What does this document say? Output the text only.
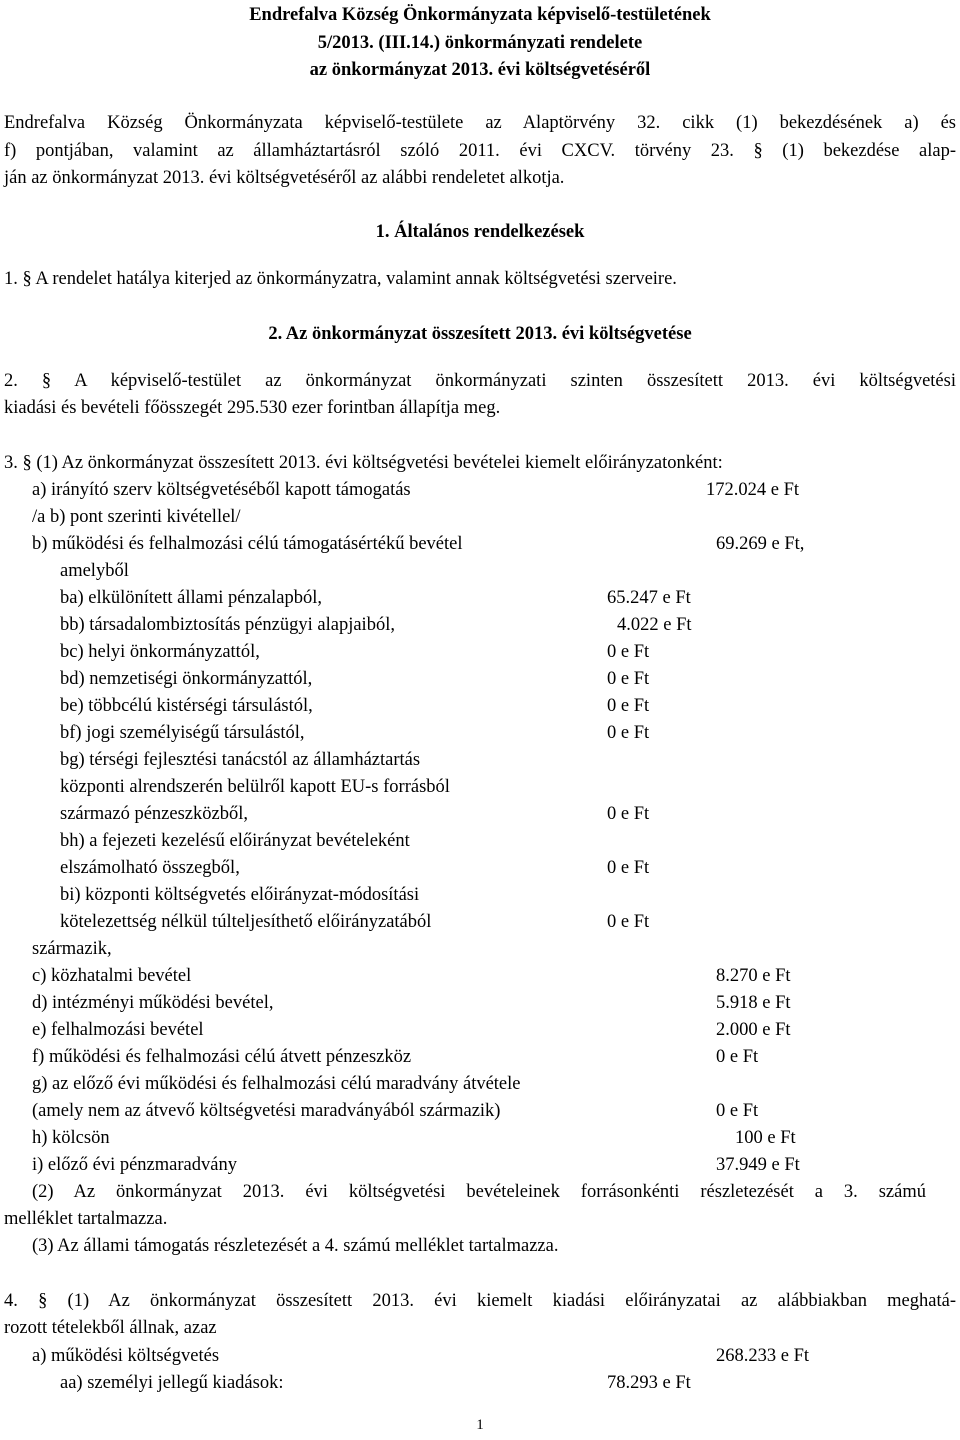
Endrefalva Község Önkormányzata képviselő-testületének
5/2013. (III.14.) önkormányzati rendelete
az önkormányzat 2013. évi költségvetéséről
Endrefalva Község Önkormányzata képviselő-testülete az Alaptörvény 32. cikk (1) bekezdésének a) és
f) pontjában, valamint az államháztartásról szóló 2011. évi CXCV. törvény 23. § (1) bekezdése alap-
ján az önkormányzat 2013. évi költségvetéséről az alábbi rendeletet alkotja.
1. Általános rendelkezések
1. § A rendelet hatálya kiterjed az önkormányzatra, valamint annak költségvetési szerveire.
2. Az önkormányzat összesített 2013. évi költségvetése
2. § A képviselő-testület az önkormányzat önkormányzati szinten összesített 2013. évi költségvetési
kiadási és bevételi főösszegét 295.530 ezer forintban állapítja meg.
3. § (1) Az önkormányzat összesített 2013. évi költségvetési bevételei kiemelt előirányzatonként:
a) irányító szerv költségvetéséből kapott támogatás	172.024 e Ft
/a b) pont szerinti kivétellel/
b) működési és felhalmozási célú támogatásértékű bevétel	69.269 e Ft,
amelyből
ba) elkülönített állami pénzalapból,	65.247 e Ft
bb) társadalombiztosítás pénzügyi alapjaiból,	4.022 e Ft
bc) helyi önkormányzattól,	0 e Ft
bd) nemzetiségi önkormányzattól,	0 e Ft
be) többcélú kistérségi társulástól,	0 e Ft
bf) jogi személyiségű társulástól,	0 e Ft
bg) térségi fejlesztési tanácstól az államháztartás
központi alrendszerén belülről kapott EU-s forrásból
származó pénzeszközből,	0 e Ft
bh) a fejezeti kezelésű előirányzat bevételeként
elszámolható összegből,	0 e Ft
bi) központi költségvetés előirányzat-módosítási
kötelezettség nélkül túlteljesíthető előirányzatából	0 e Ft
származik,
c) közhatalmi bevétel	8.270 e Ft
d) intézményi működési bevétel,	5.918 e Ft
e) felhalmozási bevétel	2.000 e Ft
f) működési és felhalmozási célú átvett pénzeszköz	0 e Ft
g) az előző évi működési és felhalmozási célú maradvány átvétele
(amely nem az átvevő költségvetési maradványából származik)	0 e Ft
h) kölcsön	100 e Ft
i) előző évi pénzmaradvány	37.949 e Ft
(2) Az önkormányzat 2013. évi költségvetési bevételeinek forrásonkénti részletezését a 3. számú
melléklet tartalmazza.
(3) Az állami támogatás részletezését a 4. számú melléklet tartalmazza.
4. § (1) Az önkormányzat összesített 2013. évi kiemelt kiadási előirányzatai az alábbiakban meghatá-
rozott tételekből állnak, azaz
a) működési költségvetés	268.233 e Ft
aa) személyi jellegű kiadások:	78.293 e Ft
1
